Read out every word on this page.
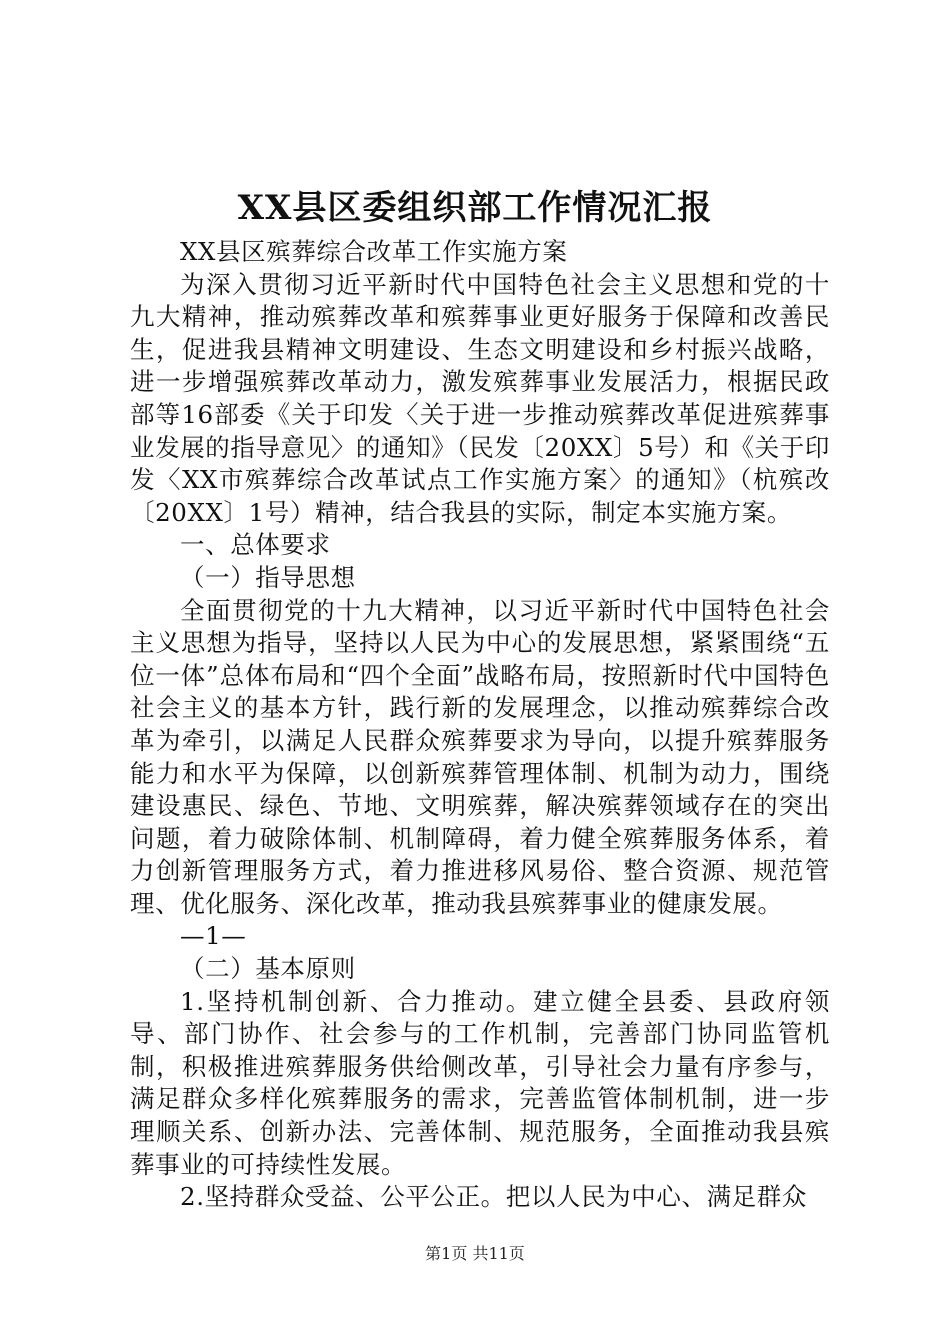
XX县区委组织部工作情况汇报

XX县区殡葬综合改革工作实施方案

为深入贯彻习近平新时代中国特色社会主义思想和党的十九大精神，推动殡葬改革和殡葬事业更好服务于保障和改善民生，促进我县精神文明建设、生态文明建设和乡村振兴战略，进一步增强殡葬改革动力，激发殡葬事业发展活力，根据民政部等16部委《关于印发〈关于进一步推动殡葬改革促进殡葬事业发展的指导意见〉的通知》（民发〔20XX〕5号）和《关于印发〈XX市殡葬综合改革试点工作实施方案〉的通知》（杭殡改〔20XX〕1号）精神，结合我县的实际，制定本实施方案。

一、总体要求

（一）指导思想

全面贯彻党的十九大精神，以习近平新时代中国特色社会主义思想为指导，坚持以人民为中心的发展思想，紧紧围绕“五位一体”总体布局和“四个全面”战略布局，按照新时代中国特色社会主义的基本方针，践行新的发展理念，以推动殡葬综合改革为牵引，以满足人民群众殡葬要求为导向，以提升殡葬服务能力和水平为保障，以创新殡葬管理体制、机制为动力，围绕建设惠民、绿色、节地、文明殡葬，解决殡葬领域存在的突出问题，着力破除体制、机制障碍，着力健全殡葬服务体系，着力创新管理服务方式，着力推进移风易俗、整合资源、规范管理、优化服务、深化改革，推动我县殡葬事业的健康发展。

—1—

（二）基本原则

1.坚持机制创新、合力推动。建立健全县委、县政府领导、部门协作、社会参与的工作机制，完善部门协同监管机制，积极推进殡葬服务供给侧改革，引导社会力量有序参与，满足群众多样化殡葬服务的需求，完善监管体制机制，进一步理顺关系、创新办法、完善体制、规范服务，全面推动我县殡葬事业的可持续性发展。

2.坚持群众受益、公平公正。把以人民为中心、满足群众

第1页 共11页
